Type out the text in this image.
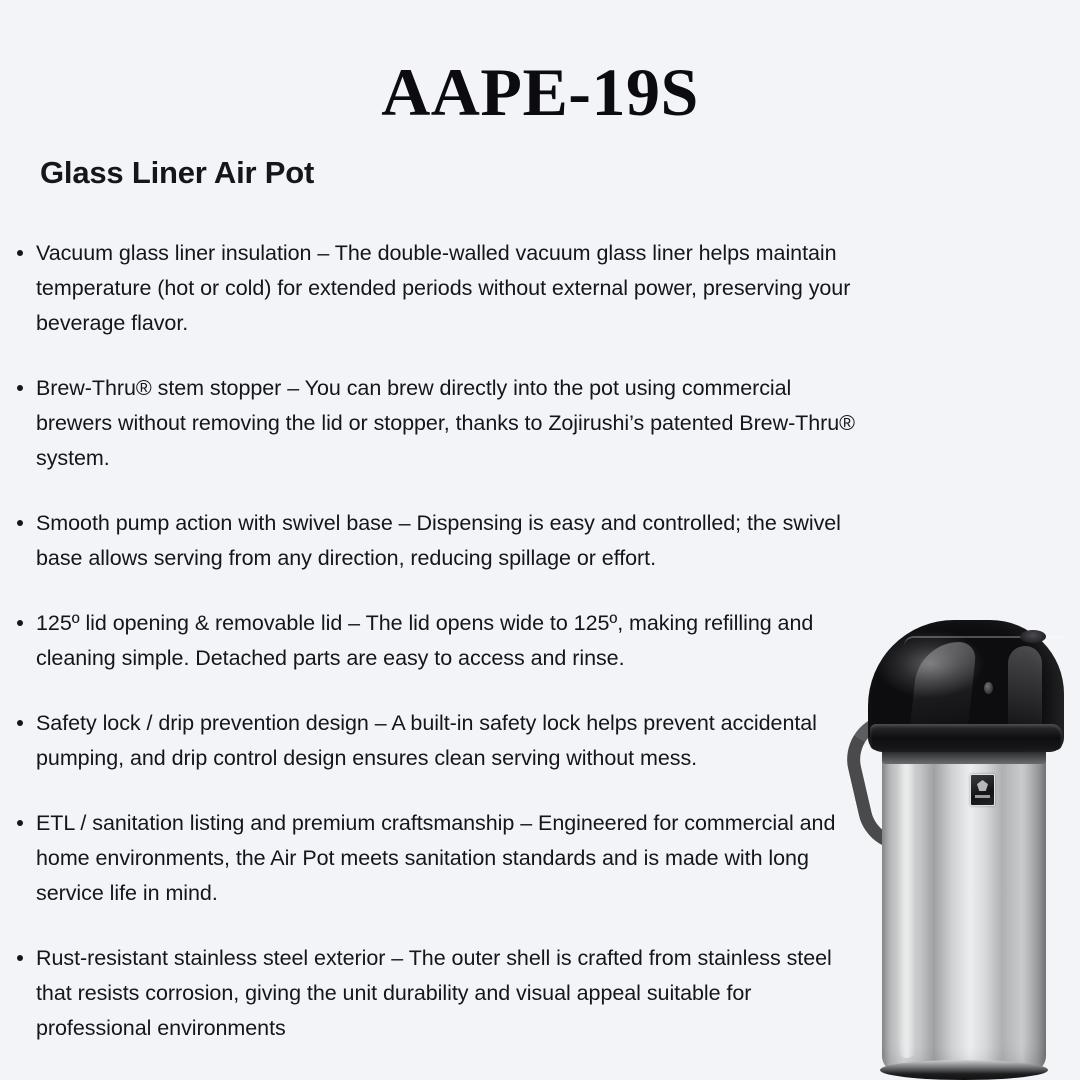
AAPE-19S
Glass Liner Air Pot
Vacuum glass liner insulation – The double-walled vacuum glass liner helps maintain temperature (hot or cold) for extended periods without external power, preserving your beverage flavor.
Brew-Thru® stem stopper – You can brew directly into the pot using commercial brewers without removing the lid or stopper, thanks to Zojirushi’s patented Brew-Thru® system.
Smooth pump action with swivel base – Dispensing is easy and controlled; the swivel base allows serving from any direction, reducing spillage or effort.
125º lid opening & removable lid – The lid opens wide to 125º, making refilling and cleaning simple. Detached parts are easy to access and rinse.
Safety lock / drip prevention design – A built-in safety lock helps prevent accidental pumping, and drip control design ensures clean serving without mess.
ETL / sanitation listing and premium craftsmanship – Engineered for commercial and home environments, the Air Pot meets sanitation standards and is made with long service life in mind.
Rust-resistant stainless steel exterior – The outer shell is crafted from stainless steel that resists corrosion, giving the unit durability and visual appeal suitable for professional environments
